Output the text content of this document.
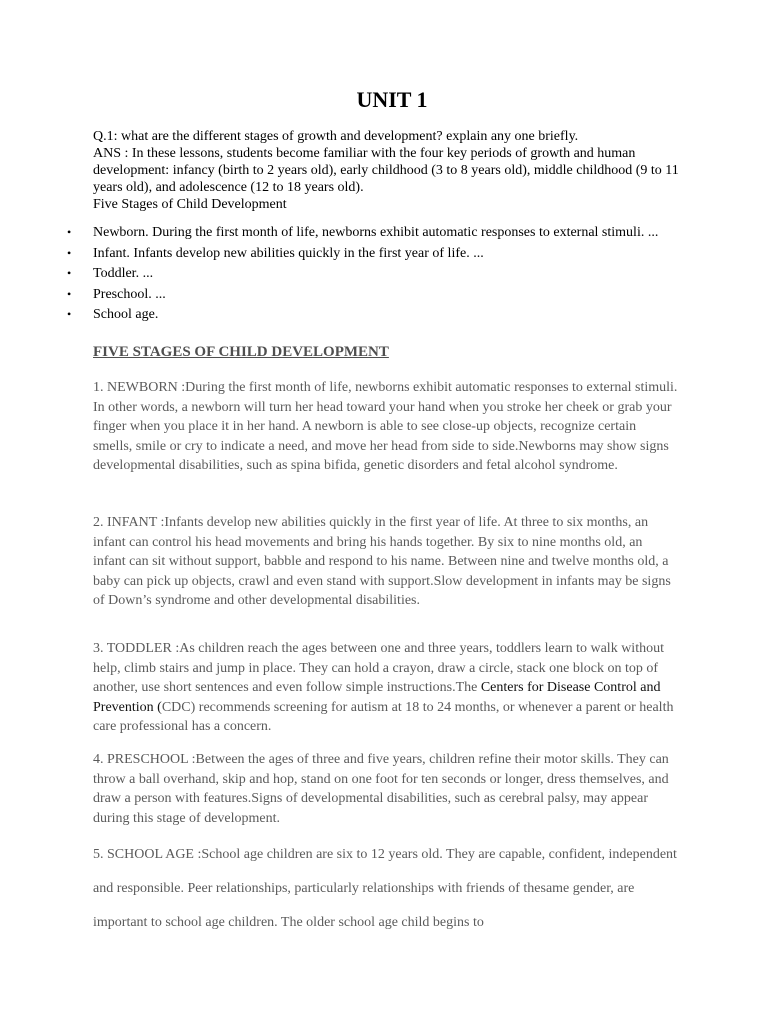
UNIT 1

Q.1: what are the different stages of growth and development? explain any one briefly.

ANS : In these lessons, students become familiar with the four key periods of growth and human development: infancy (birth to 2 years old), early childhood (3 to 8 years old), middle childhood (9 to 11 years old), and adolescence (12 to 18 years old).

Five Stages of Child Development

• Newborn. During the first month of life, newborns exhibit automatic responses to external stimuli. ...
• Infant. Infants develop new abilities quickly in the first year of life. ...
• Toddler. ...
• Preschool. ...
• School age.
FIVE STAGES OF CHILD DEVELOPMENT

1. NEWBORN :During the first month of life, newborns exhibit automatic responses to external stimuli. In other words, a newborn will turn her head toward your hand when you stroke her cheek or grab your finger when you place it in her hand. A newborn is able to see close-up objects, recognize certain smells, smile or cry to indicate a need, and move her head from side to side.Newborns may show signs developmental disabilities, such as spina bifida, genetic disorders and fetal alcohol syndrome.

2. INFANT :Infants develop new abilities quickly in the first year of life. At three to six months, an infant can control his head movements and bring his hands together. By six to nine months old, an infant can sit without support, babble and respond to his name. Between nine and twelve months old, a baby can pick up objects, crawl and even stand with support.Slow development in infants may be signs of Down’s syndrome and other developmental disabilities.

3. TODDLER :As children reach the ages between one and three years, toddlers learn to walk without help, climb stairs and jump in place. They can hold a crayon, draw a circle, stack one block on top of another, use short sentences and even follow simple instructions.The Centers for Disease Control and Prevention (CDC) recommends screening for autism at 18 to 24 months, or whenever a parent or health care professional has a concern.

4. PRESCHOOL :Between the ages of three and five years, children refine their motor skills. They can throw a ball overhand, skip and hop, stand on one foot for ten seconds or longer, dress themselves, and draw a person with features.Signs of developmental disabilities, such as cerebral palsy, may appear during this stage of development.

5. SCHOOL AGE :School age children are six to 12 years old. They are capable, confident, independent and responsible. Peer relationships, particularly relationships with friends of thesame gender, are important to school age children. The older school age child begins to
